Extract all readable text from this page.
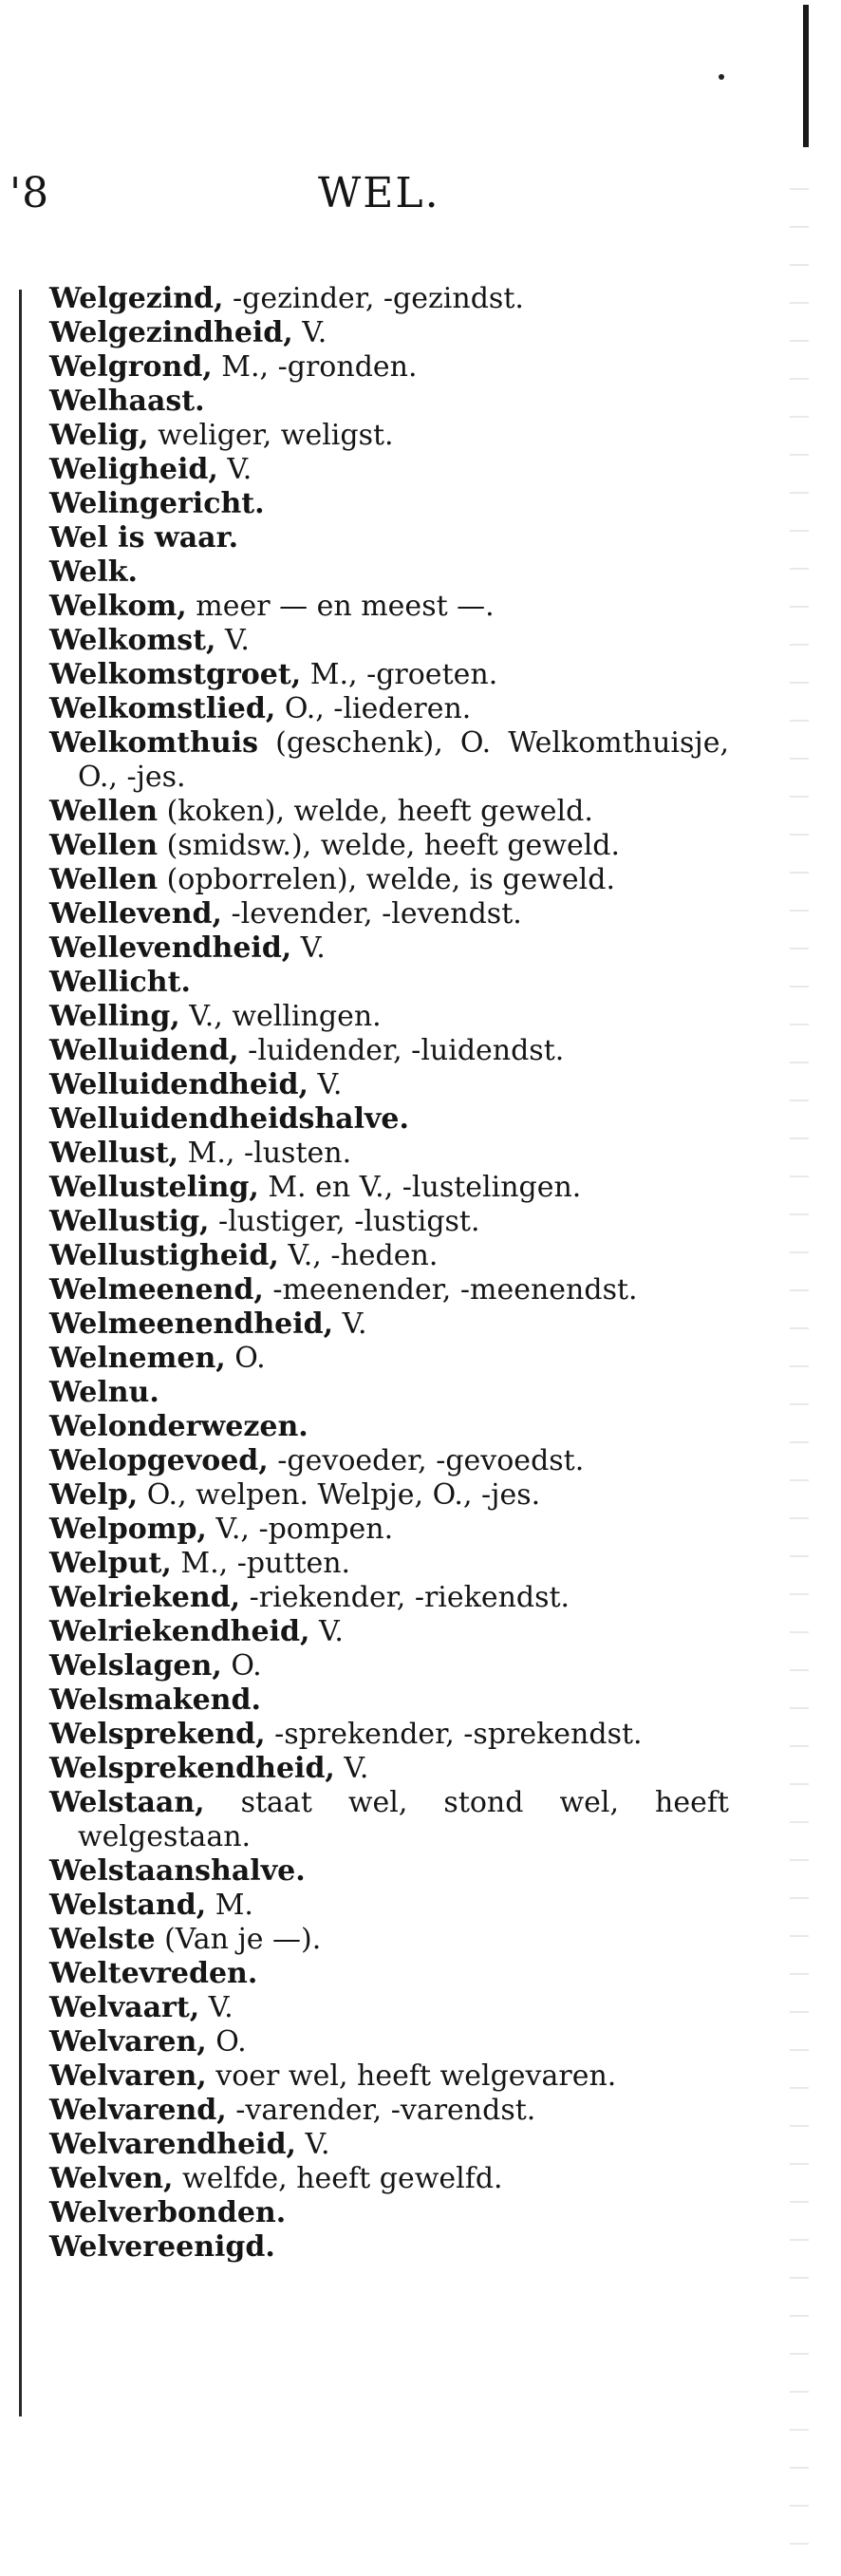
'8	WEL.
Welgezind, -gezinder, -gezindst.
Welgezindheid, V.
Welgrond, M., -gronden.
Welhaast.
Welig, weliger, weligst.
Weligheid, V.
Welingericht.
Wel is waar.
Welk.
Welkom, meer — en meest —.
Welkomst, V.
Welkomstgroet, M., -groeten.
Welkomstlied, O., -liederen.
Welkomthuis (geschenk), O. Welkomthuisje, O., -jes.
Wellen (koken), welde, heeft geweld.
Wellen (smidsw.), welde, heeft geweld.
Wellen (opborrelen), welde, is geweld.
Wellevend, -levender, -levendst.
Wellevendheid, V.
Wellicht.
Welling, V., wellingen.
Welluidend, -luidender, -luidendst.
Welluidendheid, V.
Welluidendheidshalve.
Wellust, M., -lusten.
Wellusteling, M. en V., -lustelingen.
Wellustig, -lustiger, -lustigst.
Wellustigheid, V., -heden.
Welmeenend, -meenender, -meenendst.
Welmeenendheid, V.
Welnemen, O.
Welnu.
Welonderwezen.
Welopgevoed, -gevoeder, -gevoedst.
Welp, O., welpen. Welpje, O., -jes.
Welpomp, V., -pompen.
Welput, M., -putten.
Welriekend, -riekender, -riekendst.
Welriekendheid, V.
Welslagen, O.
Welsmakend.
Welsprekend, -sprekender, -sprekendst.
Welsprekendheid, V.
Welstaan, staat wel, stond wel, heeft welgestaan.
Welstaanshalve.
Welstand, M.
Welste (Van je —).
Weltevreden.
Welvaart, V.
Welvaren, O.
Welvaren, voer wel, heeft welgevaren.
Welvarend, -varender, -varendst.
Welvarendheid, V.
Welven, welfde, heeft gewelfd.
Welverbonden.
Welvereenigd.
